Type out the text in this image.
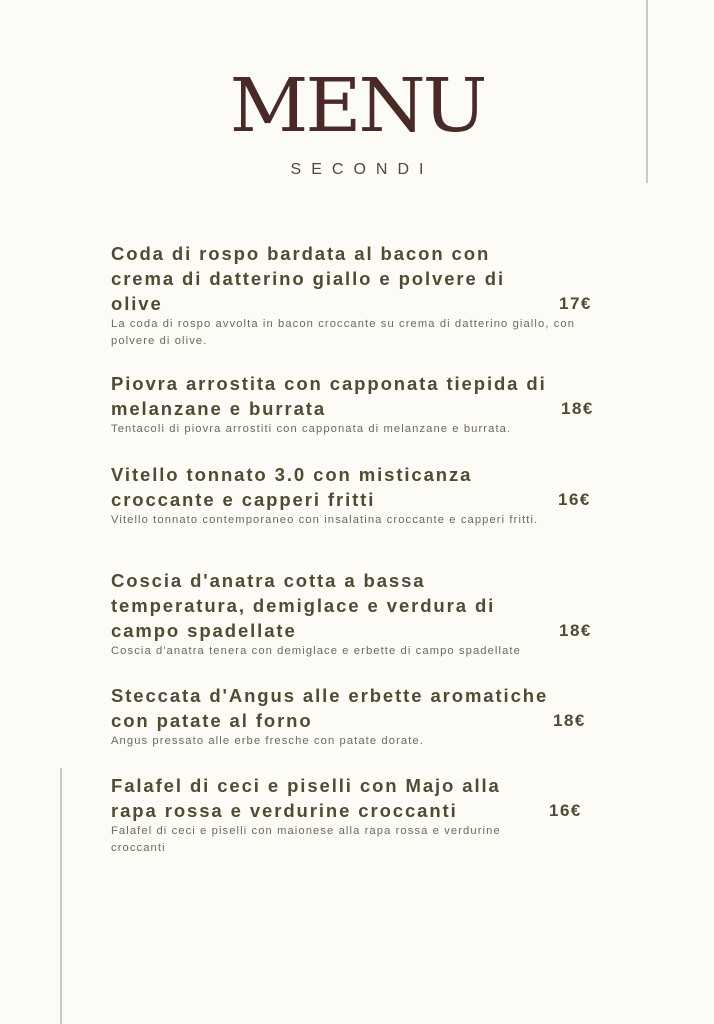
MENU
SECONDI
Coda di rospo bardata al bacon con
crema di datterino giallo e polvere di
olive	17€
La coda di rospo avvolta in bacon croccante su crema di datterino giallo, con polvere di olive.
Piovra arrostita con capponata tiepida di
melanzane e burrata	18€
Tentacoli di piovra arrostiti con capponata di melanzane e burrata.
Vitello tonnato 3.0 con misticanza
croccante e capperi fritti	16€
Vitello tonnato contemporaneo con insalatina croccante e capperi fritti.
Coscia d'anatra cotta a bassa
temperatura, demiglace e verdura di
campo spadellate	18€
Coscia d'anatra tenera con demiglace e erbette di campo spadellate
Steccata d'Angus alle erbette aromatiche
con patate al forno	18€
Angus pressato alle erbe fresche con patate dorate.
Falafel di ceci e piselli con Majo alla
rapa rossa e verdurine croccanti	16€
Falafel di ceci e piselli con maionese alla rapa rossa e verdurine croccanti
